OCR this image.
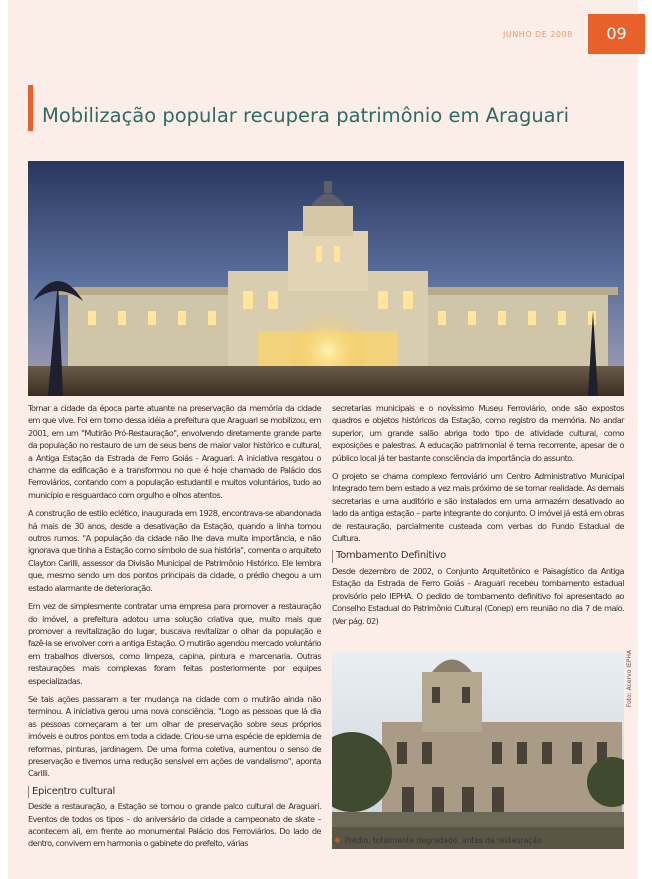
JUNHO DE 2008	09
Mobilização popular recupera patrimônio em Araguari

Tornar a cidade da época parte atuante na preservação da memória da cidade em que vive. Foi em torno dessa idéia a prefeitura que Araguari se mobilizou, em 2001, em um "Mutirão Pró-Restauração", envolvendo diretamente grande parte da população no restauro de um de seus bens de maior valor histórico e cultural, a Antiga Estação da Estrada de Ferro Goiás - Araguari. A iniciativa resgatou o charme da edificação e a transformou no que é hoje chamado de Palácio dos Ferroviários, contando com a população estudantil e muitos voluntários, tudo ao município e resguardaco com orgulho e olhos atentos.

A construção de estilo eclético, inaugurada em 1928, encontrava-se abandonada há mais de 30 anos, desde a desativação da Estação, quando a linha tomou outros rumos. "A população da cidade não lhe dava muita importância, e não ignorava que tinha a Estação como símbolo de sua história", comenta o arquiteto Clayton Carilli, assessor da Divisão Municipal de Patrimônio Histórico. Ele lembra que, mesmo sendo um dos pontos principais da cidade, o prédio chegou a um estado alarmante de deterioração.

Em vez de simplesmente contratar uma empresa para promover a restauração do imóvel, a prefeitura adotou uma solução criativa que, muito mais que promover a revitalização do lugar, buscava revitalizar o olhar da população e fazê-la se envolver com a antiga Estação. O mutirão agendou mercado voluntário em trabalhos diversos, como limpeza, capina, pintura e marcenaria. Outras restaurações mais complexas foram feitas posteriormente por equipes especializadas.

Se tais ações passaram a ter mudança na cidade com o mutirão ainda não terminou. A iniciativa gerou uma nova consciência. "Logo as pessoas que lá dia as pessoas começaram a ter um olhar de preservação sobre seus próprios imóveis e outros pontos em toda a cidade. Criou-se uma espécie de epidemia de reformas, pinturas, jardinagem. De uma forma coletiva, aumentou o senso de preservação e tivemos uma redução sensível em ações de vandalismo", aponta Carilli.

Epicentro cultural

Desde a restauração, a Estação se tornou o grande palco cultural de Araguari. Eventos de todos os tipos – do aniversário da cidade a campeonato de skate – acontecem ali, em frente ao monumental Palácio dos Ferroviários. Do lado de dentro, convivem em harmonia o gabinete do prefeito, várias

secretarias municipais e o novíssimo Museu Ferroviário, onde são expostos quadros e objetos históricos da Estação, como registro da memória. No andar superior, um grande salão abriga todo tipo de atividade cultural, como exposições e palestras. A educação patrimonial é tema recorrente, apesar de o público local já ter bastante consciência da importância do assunto.

O projeto se chama complexo ferroviário um Centro Administrativo Municipal Integrado tem bem estado a vez mais próximo de se tornar realidade. As demais secretarias e uma auditório e são instalados em uma armazém desativado ao lado da antiga estação – parte integrante do conjunto. O imóvel já está em obras de restauração, parcialmente custeada com verbas do Fundo Estadual de Cultura.

Tombamento Definitivo

Desde dezembro de 2002, o Conjunto Arquitetônico e Paisagístico da Antiga Estação da Estrada de Ferro Goiás - Araguari recebeu tombamento estadual provisório pelo IEPHA. O pedido de tombamento definitivo foi apresentado ao Conselho Estadual do Patrimônio Cultural (Conep) em reunião no dia 7 de maio. (Ver pág. 02)

Foto: Acervo IEPHA
❖ Prédio, totalmente degradado, antes da restauração
